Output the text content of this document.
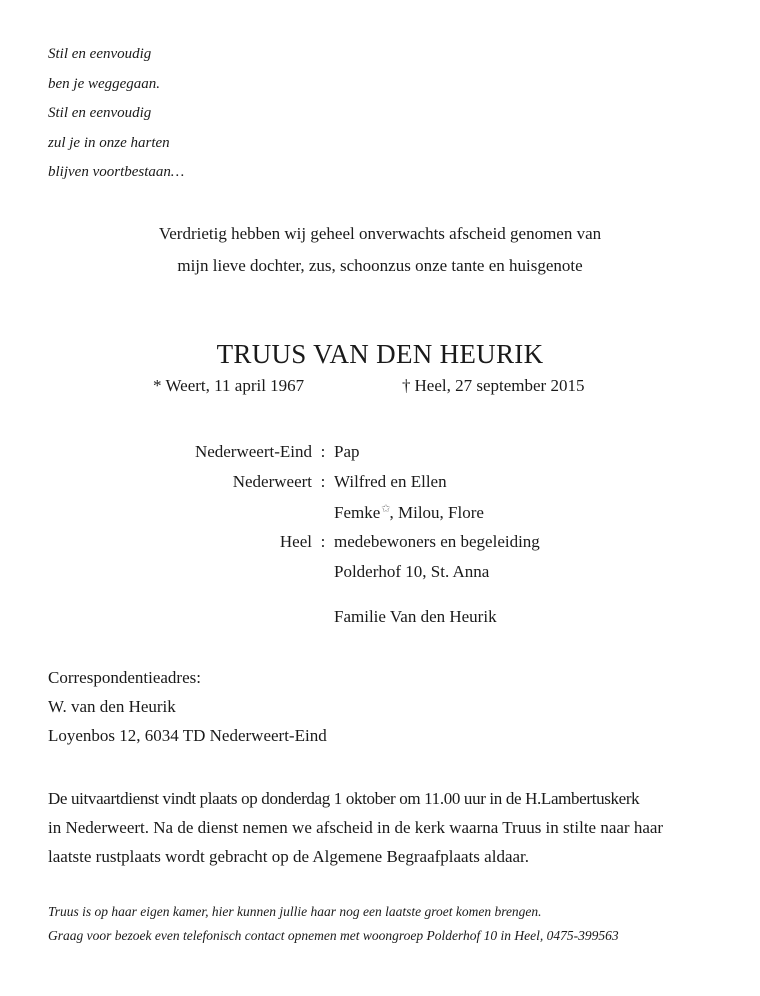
Stil en eenvoudig
ben je weggegaan.
Stil en eenvoudig
zul je in onze harten
blijven voortbestaan…
Verdrietig hebben wij geheel onverwachts afscheid genomen van
mijn lieve dochter, zus, schoonzus onze tante en huisgenote
TRUUS VAN DEN HEURIK
* Weert, 11 april 1967	† Heel, 27 september 2015
Nederweert-Eind : Pap
Nederweert : Wilfred en Ellen
Femke✩, Milou, Flore
Heel : medebewoners en begeleiding
Polderhof 10, St. Anna
Familie Van den Heurik
Correspondentieadres:
W. van den Heurik
Loyenbos 12, 6034 TD Nederweert-Eind
De uitvaartdienst vindt plaats op donderdag 1 oktober om 11.00 uur in de H.Lambertuskerk
in Nederweert. Na de dienst nemen we afscheid in de kerk waarna Truus in stilte naar haar
laatste rustplaats wordt gebracht op de Algemene Begraafplaats aldaar.
Truus is op haar eigen kamer, hier kunnen jullie haar nog een laatste groet komen brengen.
Graag voor bezoek even telefonisch contact opnemen met woongroep Polderhof 10 in Heel, 0475-399563
